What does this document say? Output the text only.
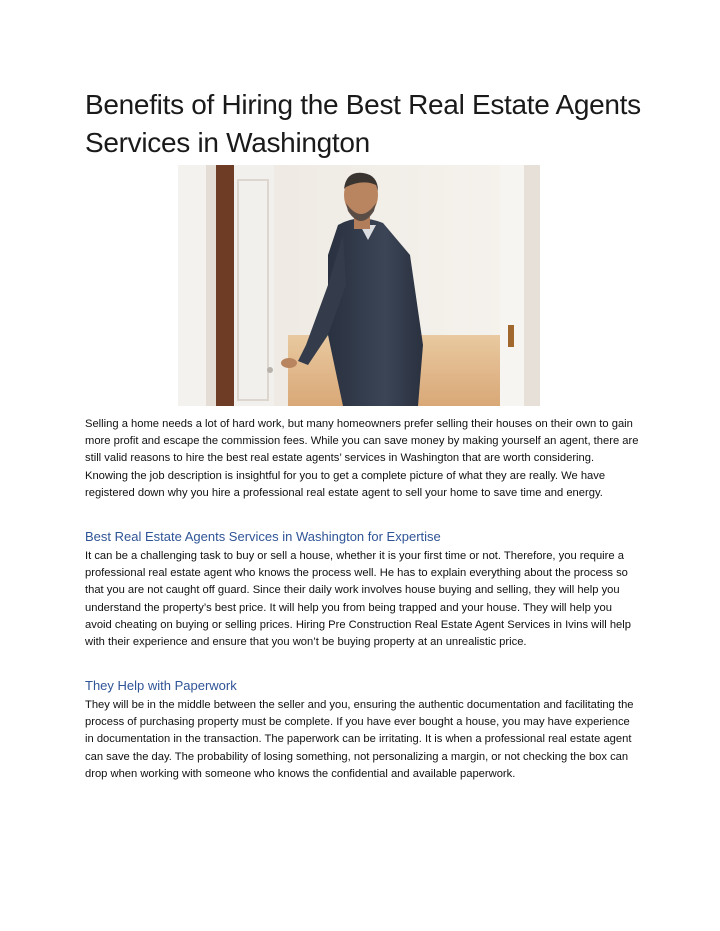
Benefits of Hiring the Best Real Estate Agents Services in Washington

Selling a home needs a lot of hard work, but many homeowners prefer selling their houses on their own to gain more profit and escape the commission fees. While you can save money by making yourself an agent, there are still valid reasons to hire the best real estate agents’ services in Washington that are worth considering. Knowing the job description is insightful for you to get a complete picture of what they are really. We have registered down why you hire a professional real estate agent to sell your home to save time and energy.

Best Real Estate Agents Services in Washington for Expertise

It can be a challenging task to buy or sell a house, whether it is your first time or not. Therefore, you require a professional real estate agent who knows the process well. He has to explain everything about the process so that you are not caught off guard. Since their daily work involves house buying and selling, they will help you understand the property’s best price. It will help you from being trapped and your house. They will help you avoid cheating on buying or selling prices. Hiring Pre Construction Real Estate Agent Services in Ivins will help with their experience and ensure that you won’t be buying property at an unrealistic price.

They Help with Paperwork

They will be in the middle between the seller and you, ensuring the authentic documentation and facilitating the process of purchasing property must be complete. If you have ever bought a house, you may have experience in documentation in the transaction. The paperwork can be irritating. It is when a professional real estate agent can save the day. The probability of losing something, not personalizing a margin, or not checking the box can drop when working with someone who knows the confidential and available paperwork.
